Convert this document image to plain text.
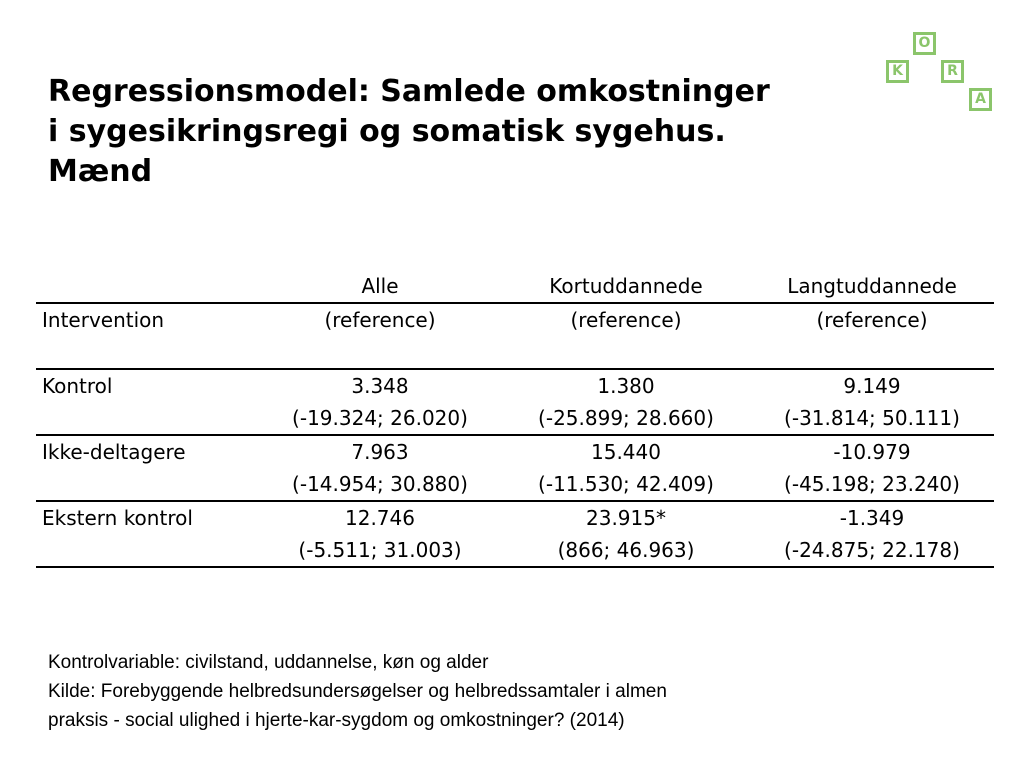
Regressionsmodel: Samlede omkostninger
i sygesikringsregi og somatisk sygehus.
Mænd
O
K	R
A
	Alle	Kortuddannede	Langtuddannede
Intervention	(reference)	(reference)	(reference)

Kontrol	3.348	1.380	9.149
	(-19.324; 26.020)	(-25.899; 28.660)	(-31.814; 50.111)
Ikke-deltagere	7.963	15.440	-10.979
	(-14.954; 30.880)	(-11.530; 42.409)	(-45.198; 23.240)
Ekstern kontrol	12.746	23.915*	-1.349
	(-5.511; 31.003)	(866; 46.963)	(-24.875; 22.178)
Kontrolvariable: civilstand, uddannelse, køn og alder
Kilde: Forebyggende helbredsundersøgelser og helbredssamtaler i almen
praksis - social ulighed i hjerte-kar-sygdom og omkostninger? (2014)
